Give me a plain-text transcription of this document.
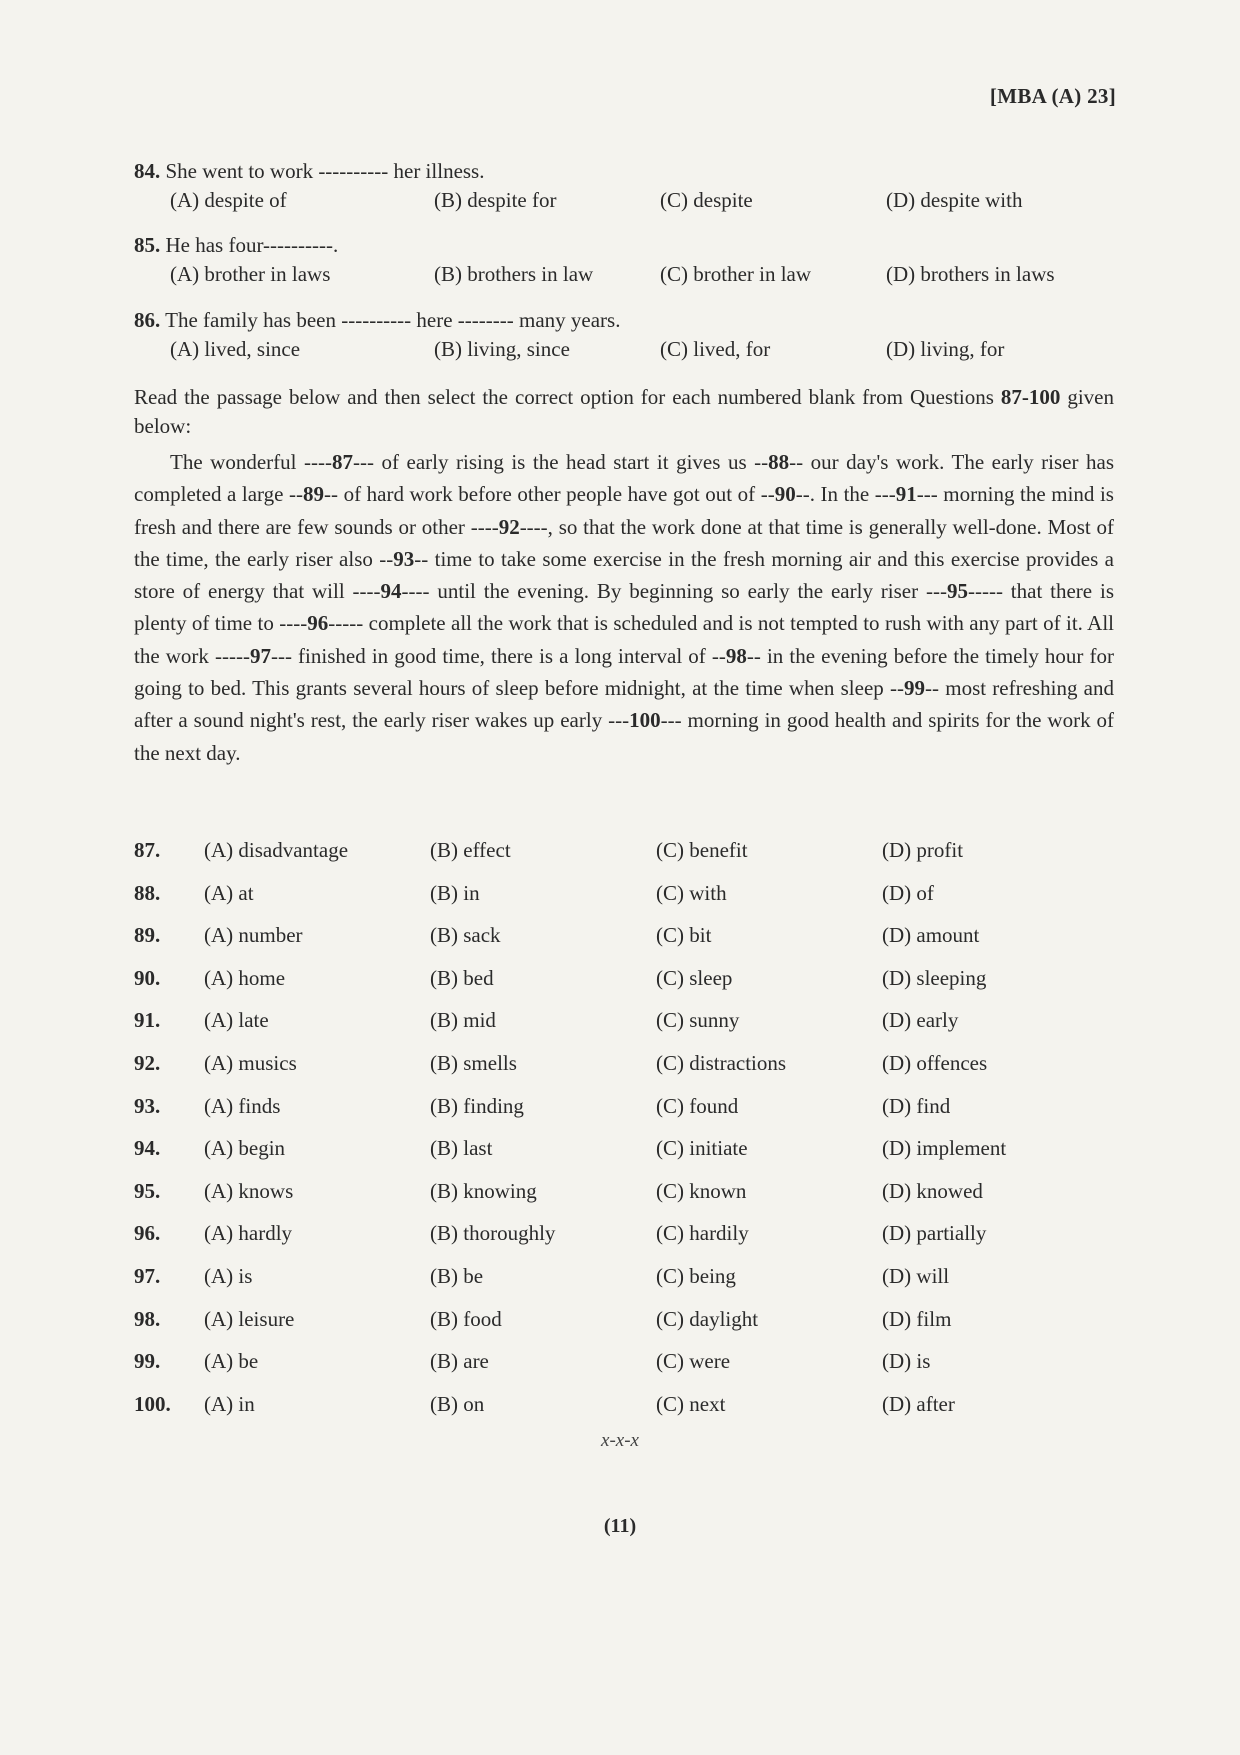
[MBA (A) 23]
84. She went to work ---------- her illness.
(A) despite of	(B) despite for	(C) despite	(D) despite with
85. He has four----------.
(A) brother in laws	(B) brothers in law	(C) brother in law	(D) brothers in laws
86. The family has been ---------- here -------- many years.
(A) lived, since	(B) living, since	(C) lived, for	(D) living, for
Read the passage below and then select the correct option for each numbered blank from Questions 87-100 given below:

The wonderful ----87--- of early rising is the head start it gives us --88-- our day's work. The early riser has completed a large --89-- of hard work before other people have got out of --90--. In the ---91--- morning the mind is fresh and there are few sounds or other ----92----, so that the work done at that time is generally well-done. Most of the time, the early riser also --93-- time to take some exercise in the fresh morning air and this exercise provides a store of energy that will ----94---- until the evening. By beginning so early the early riser ---95----- that there is plenty of time to ----96----- complete all the work that is scheduled and is not tempted to rush with any part of it. All the work -----97--- finished in good time, there is a long interval of --98-- in the evening before the timely hour for going to bed. This grants several hours of sleep before midnight, at the time when sleep --99-- most refreshing and after a sound night's rest, the early riser wakes up early ---100--- morning in good health and spirits for the work of the next day.

87. (A) disadvantage	(B) effect	(C) benefit	(D) profit
88. (A) at	(B) in	(C) with	(D) of
89. (A) number	(B) sack	(C) bit	(D) amount
90. (A) home	(B) bed	(C) sleep	(D) sleeping
91. (A) late	(B) mid	(C) sunny	(D) early
92. (A) musics	(B) smells	(C) distractions	(D) offences
93. (A) finds	(B) finding	(C) found	(D) find
94. (A) begin	(B) last	(C) initiate	(D) implement
95. (A) knows	(B) knowing	(C) known	(D) knowed
96. (A) hardly	(B) thoroughly	(C) hardily	(D) partially
97. (A) is	(B) be	(C) being	(D) will
98. (A) leisure	(B) food	(C) daylight	(D) film
99. (A) be	(B) are	(C) were	(D) is
100. (A) in	(B) on	(C) next	(D) after
x-x-x
(11)
